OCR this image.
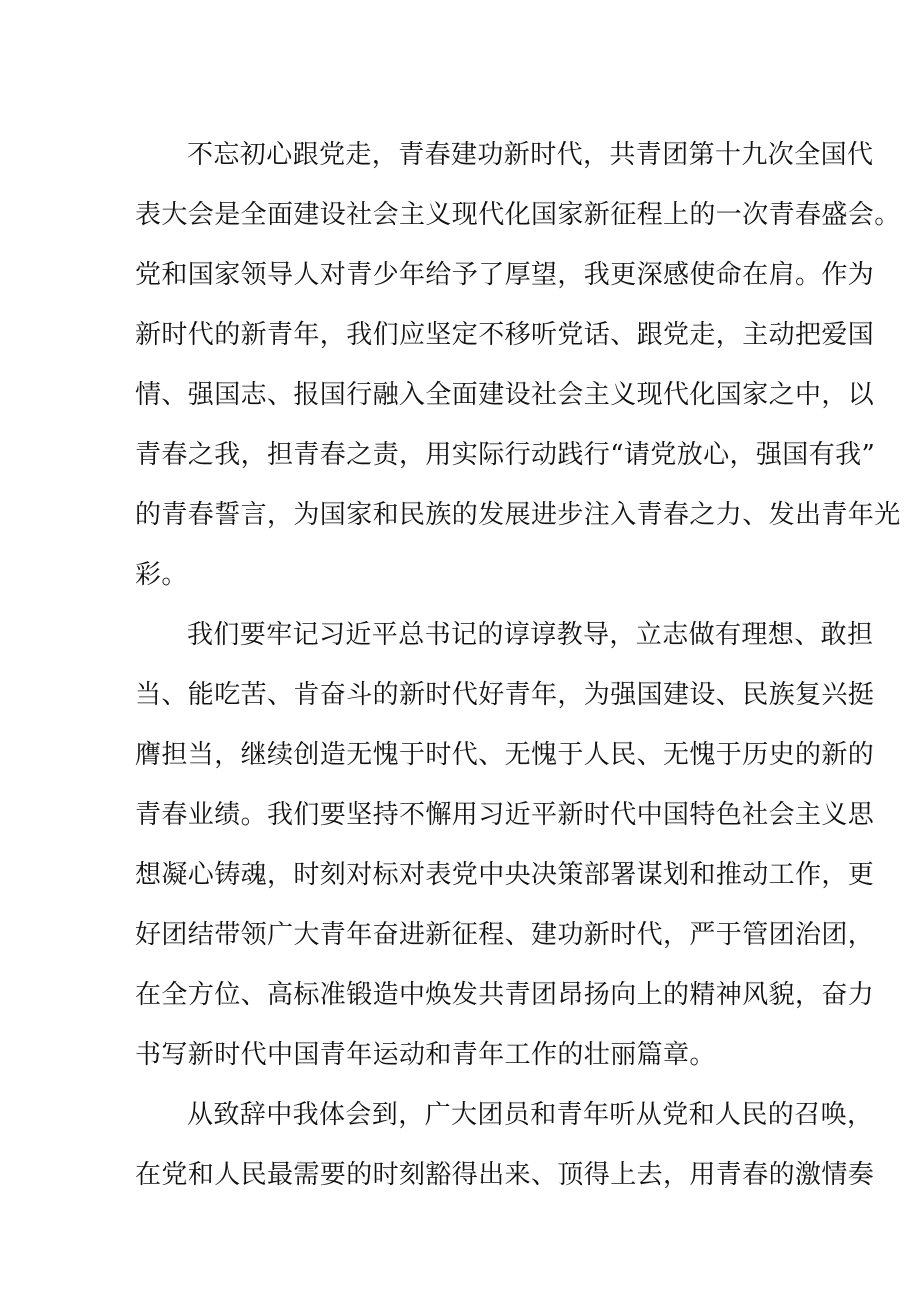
不忘初心跟党走，青春建功新时代，共青团第十九次全国代
表大会是全面建设社会主义现代化国家新征程上的一次青春盛会。
党和国家领导人对青少年给予了厚望，我更深感使命在肩。作为
新时代的新青年，我们应坚定不移听党话、跟党走，主动把爱国
情、强国志、报国行融入全面建设社会主义现代化国家之中，以
青春之我，担青春之责，用实际行动践行“请党放心，强国有我”
的青春誓言，为国家和民族的发展进步注入青春之力、发出青年光
彩。
我们要牢记习近平总书记的谆谆教导，立志做有理想、敢担
当、能吃苦、肯奋斗的新时代好青年，为强国建设、民族复兴挺
膺担当，继续创造无愧于时代、无愧于人民、无愧于历史的新的
青春业绩。我们要坚持不懈用习近平新时代中国特色社会主义思
想凝心铸魂，时刻对标对表党中央决策部署谋划和推动工作，更
好团结带领广大青年奋进新征程、建功新时代，严于管团治团，
在全方位、高标准锻造中焕发共青团昂扬向上的精神风貌，奋力
书写新时代中国青年运动和青年工作的壮丽篇章。
从致辞中我体会到，广大团员和青年听从党和人民的召唤，
在党和人民最需要的时刻豁得出来、顶得上去，用青春的激情奏
